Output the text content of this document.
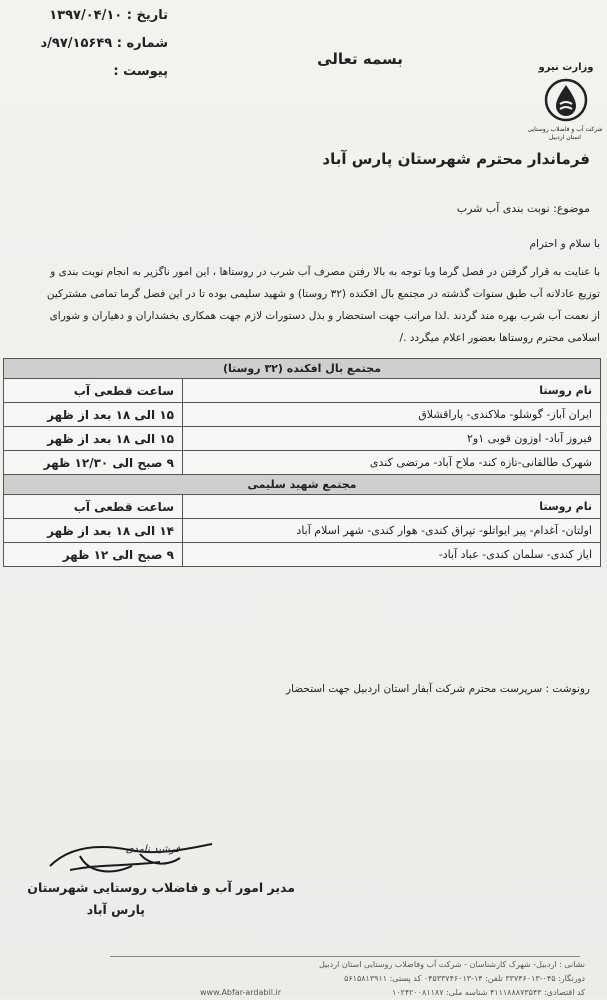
تاریخ : ۱۳۹۷/۰۴/۱۰
شماره : ۹۷/۱۵۶۴۹/د
پیوست :
بسمه تعالی	وزارت نیرو
شرکت آب و فاضلاب روستایی استان اردبیل
فرماندار محترم شهرستان پارس آباد
موضوع: نوبت بندی آب شرب
با سلام و احترام
با عنایت به قرار گرفتن در فصل گرما وبا توجه به بالا رفتن مصرف آب شرب در روستاها ، این امور ناگزیر به انجام نوبت بندی و
توزیع عادلانه آب طبق سنوات گذشته در مجتمع بال افکنده (۳۲ روستا) و شهید سلیمی بوده تا در این فصل گرما تمامی مشترکین
از نعمت آب شرب بهره مند گردند .لذا مراتب جهت استحضار و بذل دستورات لازم جهت همکاری بخشداران و دهیاران و شورای
اسلامی محترم روستاها بعضور اعلام میگردد ./
مجتمع بال افکنده (۳۲ روستا)	
نام روستا	ساعت قطعی آب
ایران آباز- گوشلو- ملاکندی- پاراقشلاق	۱۵ الی ۱۸ بعد از ظهر
فیروز آباد- اوزون قوبی ۱و۲	۱۵ الی ۱۸ بعد از ظهر
شهرک طالقانی-تازه کند- ملاح آباد- مرتضی کندی	۹ صبح الی ۱۲/۳۰ ظهر
مجتمع شهید سلیمی	
نام روستا	ساعت قطعی آب
اولتان- آغدام- پیر ایواتلو- تپراق کندی- هوار کندی- شهر اسلام آباد	۱۴ الی ۱۸ بعد از ظهر
ایاز کندی- سلمان کندی- عباد آباد-	۹ صبح الی ۱۲ ظهر
رونوشت : سرپرست محترم شرکت آبفار استان اردبیل جهت استحضار
فرشید نامدی
مدیر امور آب و فاضلاب روستایی شهرستان
پارس آباد
نشانی : اردبیل- شهرک کارشناسان - شرکت آب وفاضلاب روستایی استان اردبیل
دورنگار: ۰۴۵-۳۳۷۴۶۰۱۳ تلفن: ۱۴-۰۴۵۳۳۷۴۶۰۱۳ کد پستی: ۵۶۱۵۸۱۳۹۱۱
کد اقتصادی: ۴۱۱۱۸۸۸۷۳۵۴۳ شناسه ملی: ۱۰۲۴۲۰۰۸۱۱۸۷
www.Abfar-ardabil.ir
